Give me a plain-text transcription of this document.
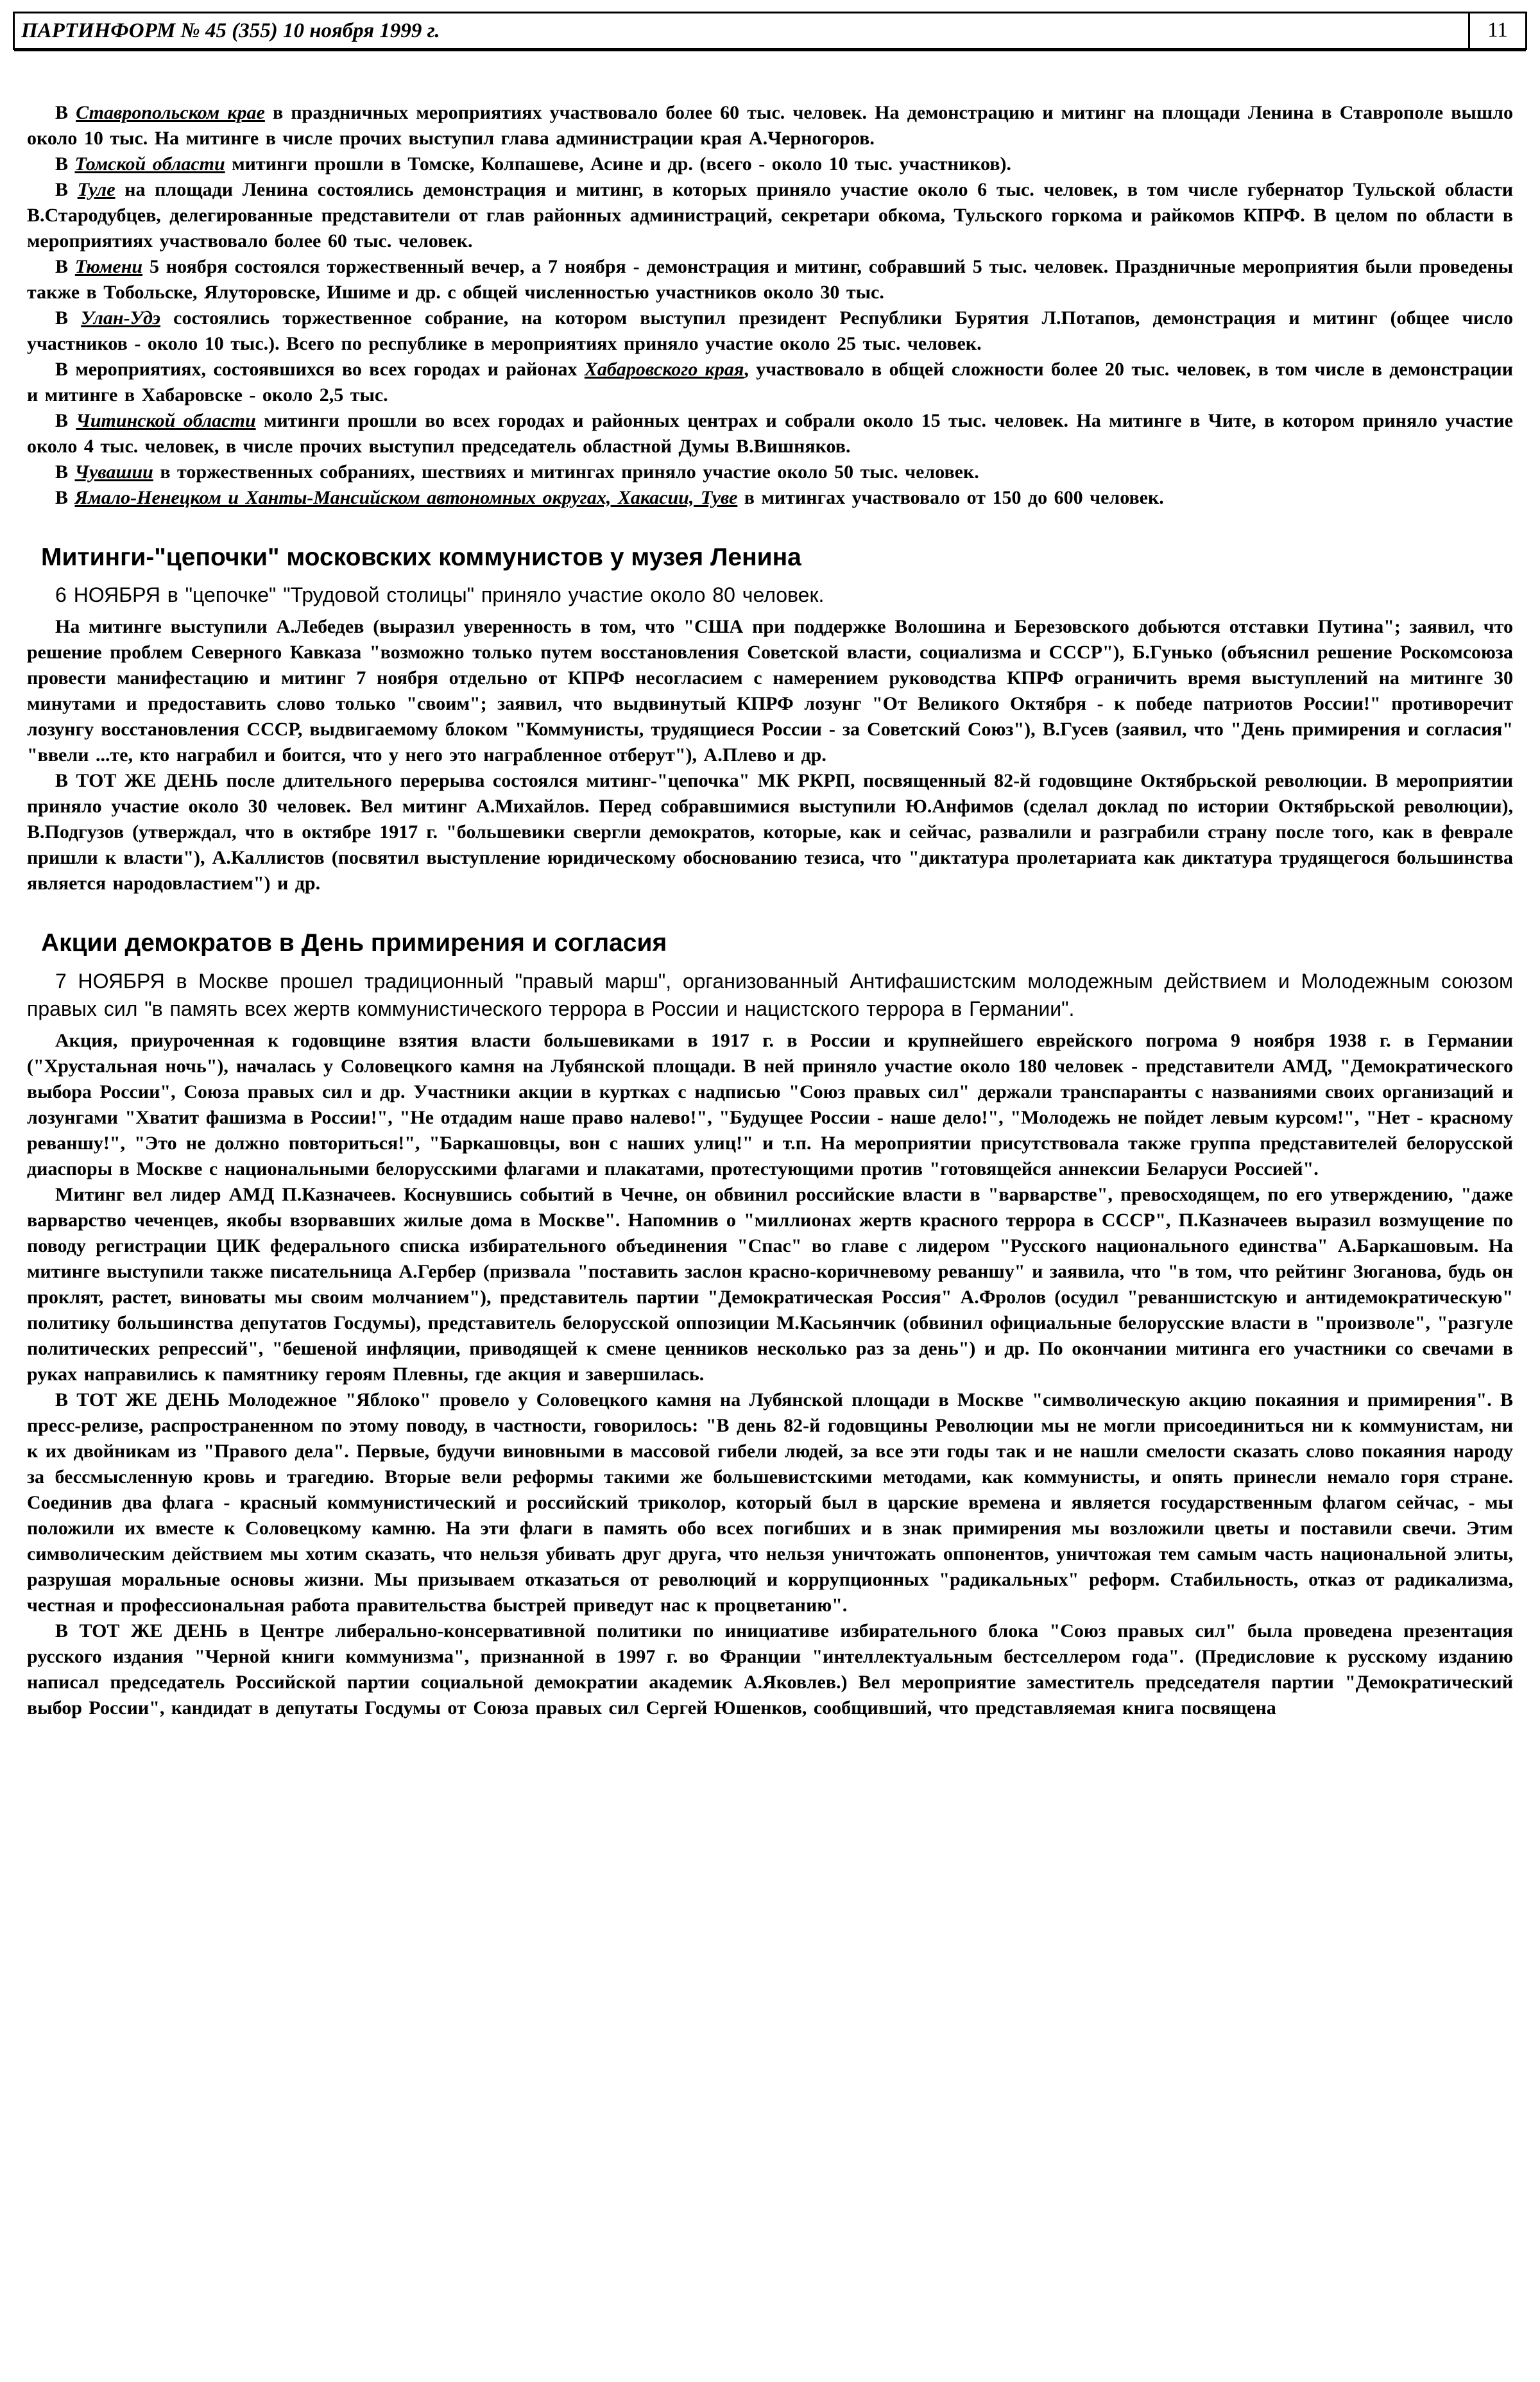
ПАРТИНФОРМ № 45 (355) 10 ноября 1999 г.	11

В Ставропольском крае в праздничных мероприятиях участвовало более 60 тыс. человек. На демонстрацию и митинг на площади Ленина в Ставрополе вышло около 10 тыс. На митинге в числе прочих выступил глава администрации края А.Черногоров.

В Томской области митинги прошли в Томске, Колпашеве, Асине и др. (всего - около 10 тыс. участников).

В Туле на площади Ленина состоялись демонстрация и митинг, в которых приняло участие около 6 тыс. человек, в том числе губернатор Тульской области В.Стародубцев, делегированные представители от глав районных администраций, секретари обкома, Тульского горкома и райкомов КПРФ. В целом по области в мероприятиях участвовало более 60 тыс. человек.

В Тюмени 5 ноября состоялся торжественный вечер, а 7 ноября - демонстрация и митинг, собравший 5 тыс. человек. Праздничные мероприятия были проведены также в Тобольске, Ялуторовске, Ишиме и др. с общей численностью участников около 30 тыс.

В Улан-Удэ состоялись торжественное собрание, на котором выступил президент Республики Бурятия Л.Потапов, демонстрация и митинг (общее число участников - около 10 тыс.). Всего по республике в мероприятиях приняло участие около 25 тыс. человек.

В мероприятиях, состоявшихся во всех городах и районах Хабаровского края, участвовало в общей сложности более 20 тыс. человек, в том числе в демонстрации и митинге в Хабаровске - около 2,5 тыс.

В Читинской области митинги прошли во всех городах и районных центрах и собрали около 15 тыс. человек. На митинге в Чите, в котором приняло участие около 4 тыс. человек, в числе прочих выступил председатель областной Думы В.Вишняков.

В Чувашии в торжественных собраниях, шествиях и митингах приняло участие около 50 тыс. человек.

В Ямало-Ненецком и Ханты-Мансийском автономных округах, Хакасии, Туве в митингах участвовало от 150 до 600 человек.

Митинги-"цепочки" московских коммунистов у музея Ленина

6 НОЯБРЯ в "цепочке" "Трудовой столицы" приняло участие около 80 человек.

На митинге выступили А.Лебедев (выразил уверенность в том, что "США при поддержке Волошина и Березовского добьются отставки Путина"; заявил, что решение проблем Северного Кавказа "возможно только путем восстановления Советской власти, социализма и СССР"), Б.Гунько (объяснил решение Роскомсоюза провести манифестацию и митинг 7 ноября отдельно от КПРФ несогласием с намерением руководства КПРФ ограничить время выступлений на митинге 30 минутами и предоставить слово только "своим"; заявил, что выдвинутый КПРФ лозунг "От Великого Октября - к победе патриотов России!" противоречит лозунгу восстановления СССР, выдвигаемому блоком "Коммунисты, трудящиеся России - за Советский Союз"), В.Гусев (заявил, что "День примирения и согласия" "ввели ...те, кто награбил и боится, что у него это награбленное отберут"), А.Плево и др.

В ТОТ ЖЕ ДЕНЬ после длительного перерыва состоялся митинг-"цепочка" МК РКРП, посвященный 82-й годовщине Октябрьской революции. В мероприятии приняло участие около 30 человек. Вел митинг А.Михайлов. Перед собравшимися выступили Ю.Анфимов (сделал доклад по истории Октябрьской революции), В.Подгузов (утверждал, что в октябре 1917 г. "большевики свергли демократов, которые, как и сейчас, развалили и разграбили страну после того, как в феврале пришли к власти"), А.Каллистов (посвятил выступление юридическому обоснованию тезиса, что "диктатура пролетариата как диктатура трудящегося большинства является народовластием") и др.

Акции демократов в День примирения и согласия

7 НОЯБРЯ в Москве прошел традиционный "правый марш", организованный Антифашистским молодежным действием и Молодежным союзом правых сил "в память всех жертв коммунистического террора в России и нацистского террора в Германии".

Акция, приуроченная к годовщине взятия власти большевиками в 1917 г. в России и крупнейшего еврейского погрома 9 ноября 1938 г. в Германии ("Хрустальная ночь"), началась у Соловецкого камня на Лубянской площади. В ней приняло участие около 180 человек - представители АМД, "Демократического выбора России", Союза правых сил и др. Участники акции в куртках с надписью "Союз правых сил" держали транспаранты с названиями своих организаций и лозунгами "Хватит фашизма в России!", "Не отдадим наше право налево!", "Будущее России - наше дело!", "Молодежь не пойдет левым курсом!", "Нет - красному реваншу!", "Это не должно повториться!", "Баркашовцы, вон с наших улиц!" и т.п. На мероприятии присутствовала также группа представителей белорусской диаспоры в Москве с национальными белорусскими флагами и плакатами, протестующими против "готовящейся аннексии Беларуси Россией".

Митинг вел лидер АМД П.Казначеев. Коснувшись событий в Чечне, он обвинил российские власти в "варварстве", превосходящем, по его утверждению, "даже варварство чеченцев, якобы взорвавших жилые дома в Москве". Напомнив о "миллионах жертв красного террора в СССР", П.Казначеев выразил возмущение по поводу регистрации ЦИК федерального списка избирательного объединения "Спас" во главе с лидером "Русского национального единства" А.Баркашовым. На митинге выступили также писательница А.Гербер (призвала "поставить заслон красно-коричневому реваншу" и заявила, что "в том, что рейтинг Зюганова, будь он проклят, растет, виноваты мы своим молчанием"), представитель партии "Демократическая Россия" А.Фролов (осудил "реваншистскую и антидемократическую" политику большинства депутатов Госдумы), представитель белорусской оппозиции М.Касьянчик (обвинил официальные белорусские власти в "произволе", "разгуле политических репрессий", "бешеной инфляции, приводящей к смене ценников несколько раз за день") и др. По окончании митинга его участники со свечами в руках направились к памятнику героям Плевны, где акция и завершилась.

В ТОТ ЖЕ ДЕНЬ Молодежное "Яблоко" провело у Соловецкого камня на Лубянской площади в Москве "символическую акцию покаяния и примирения". В пресс-релизе, распространенном по этому поводу, в частности, говорилось: "В день 82-й годовщины Революции мы не могли присоединиться ни к коммунистам, ни к их двойникам из "Правого дела". Первые, будучи виновными в массовой гибели людей, за все эти годы так и не нашли смелости сказать слово покаяния народу за бессмысленную кровь и трагедию. Вторые вели реформы такими же большевистскими методами, как коммунисты, и опять принесли немало горя стране. Соединив два флага - красный коммунистический и российский триколор, который был в царские времена и является государственным флагом сейчас, - мы положили их вместе к Соловецкому камню. На эти флаги в память обо всех погибших и в знак примирения мы возложили цветы и поставили свечи. Этим символическим действием мы хотим сказать, что нельзя убивать друг друга, что нельзя уничтожать оппонентов, уничтожая тем самым часть национальной элиты, разрушая моральные основы жизни. Мы призываем отказаться от революций и коррупционных "радикальных" реформ. Стабильность, отказ от радикализма, честная и профессиональная работа правительства быстрей приведут нас к процветанию".

В ТОТ ЖЕ ДЕНЬ в Центре либерально-консервативной политики по инициативе избирательного блока "Союз правых сил" была проведена презентация русского издания "Черной книги коммунизма", признанной в 1997 г. во Франции "интеллектуальным бестселлером года". (Предисловие к русскому изданию написал председатель Российской партии социальной демократии академик А.Яковлев.) Вел мероприятие заместитель председателя партии "Демократический выбор России", кандидат в депутаты Госдумы от Союза правых сил Сергей Юшенков, сообщивший, что представляемая книга посвящена
